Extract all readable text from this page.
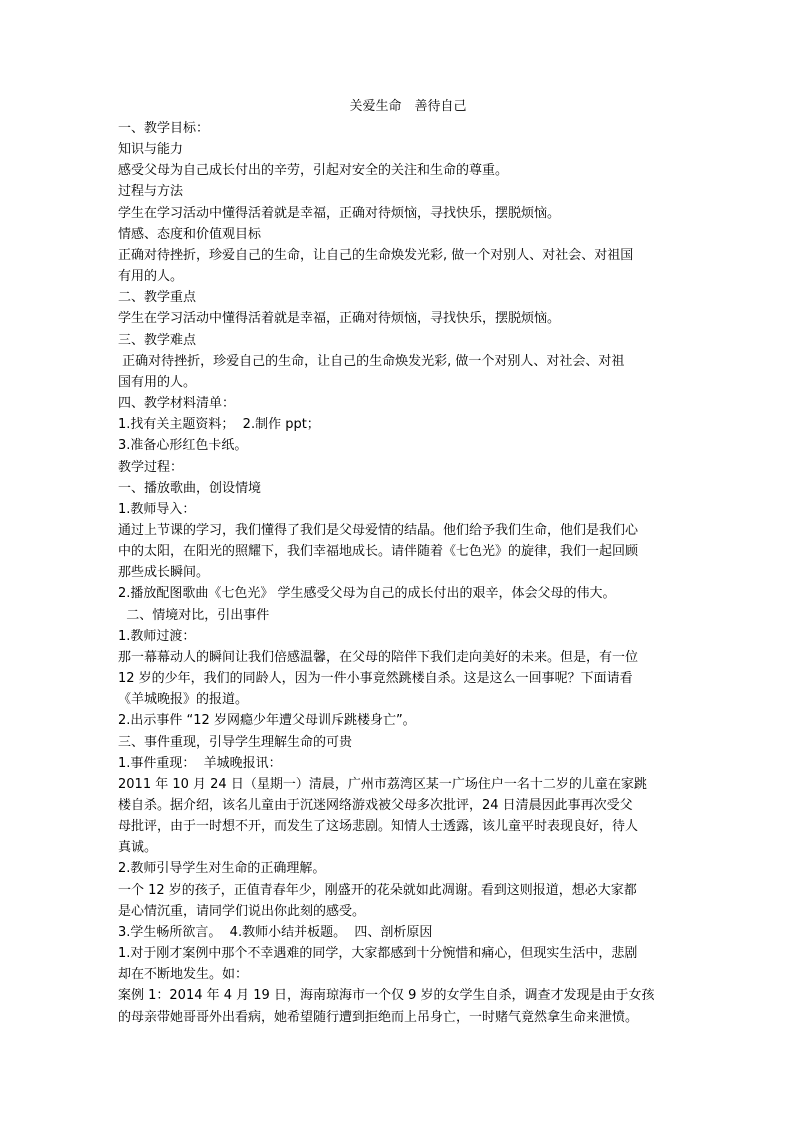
关爱生命　善待自己
一、教学目标：
知识与能力
感受父母为自己成长付出的辛劳，引起对安全的关注和生命的尊重。
过程与方法
学生在学习活动中懂得活着就是幸福，正确对待烦恼，寻找快乐，摆脱烦恼。
情感、态度和价值观目标
正确对待挫折，珍爱自己的生命，让自己的生命焕发光彩, 做一个对别人、对社会、对祖国
有用的人。
二、教学重点
学生在学习活动中懂得活着就是幸福，正确对待烦恼，寻找快乐，摆脱烦恼。
三、教学难点
正确对待挫折，珍爱自己的生命，让自己的生命焕发光彩, 做一个对别人、对社会、对祖
国有用的人。
四、教学材料清单：
1.找有关主题资料；  2.制作 ppt；
3.准备心形红色卡纸。
教学过程：
一、播放歌曲，创设情境
1.教师导入：
通过上节课的学习，我们懂得了我们是父母爱情的结晶。他们给予我们生命，他们是我们心
中的太阳，在阳光的照耀下，我们幸福地成长。请伴随着《七色光》的旋律，我们一起回顾
那些成长瞬间。
2.播放配图歌曲《七色光》 学生感受父母为自己的成长付出的艰辛，体会父母的伟大。
二、情境对比，引出事件
1.教师过渡：
那一幕幕动人的瞬间让我们倍感温馨，在父母的陪伴下我们走向美好的未来。但是，有一位
12 岁的少年，我们的同龄人，因为一件小事竟然跳楼自杀。这是这么一回事呢？下面请看
《羊城晚报》的报道。
2.出示事件 “12 岁网瘾少年遭父母训斥跳楼身亡”。
三、事件重现，引导学生理解生命的可贵
1.事件重现：  羊城晚报讯：
2011 年 10 月 24 日（星期一）清晨，广州市荔湾区某一广场住户一名十二岁的儿童在家跳
楼自杀。据介绍，该名儿童由于沉迷网络游戏被父母多次批评，24 日清晨因此事再次受父
母批评，由于一时想不开，而发生了这场悲剧。知情人士透露，该儿童平时表现良好，待人
真诚。
2.教师引导学生对生命的正确理解。
一个 12 岁的孩子，正值青春年少，刚盛开的花朵就如此凋谢。看到这则报道，想必大家都
是心情沉重，请同学们说出你此刻的感受。
3.学生畅所欲言。  4.教师小结并板题。  四、剖析原因
1.对于刚才案例中那个不幸遇难的同学，大家都感到十分惋惜和痛心，但现实生活中，悲剧
却在不断地发生。如：
案例 1：2014 年 4 月 19 日，海南琼海市一个仅 9 岁的女学生自杀，调查才发现是由于女孩
的母亲带她哥哥外出看病，她希望随行遭到拒绝而上吊身亡，一时赌气竟然拿生命来泄愤。
